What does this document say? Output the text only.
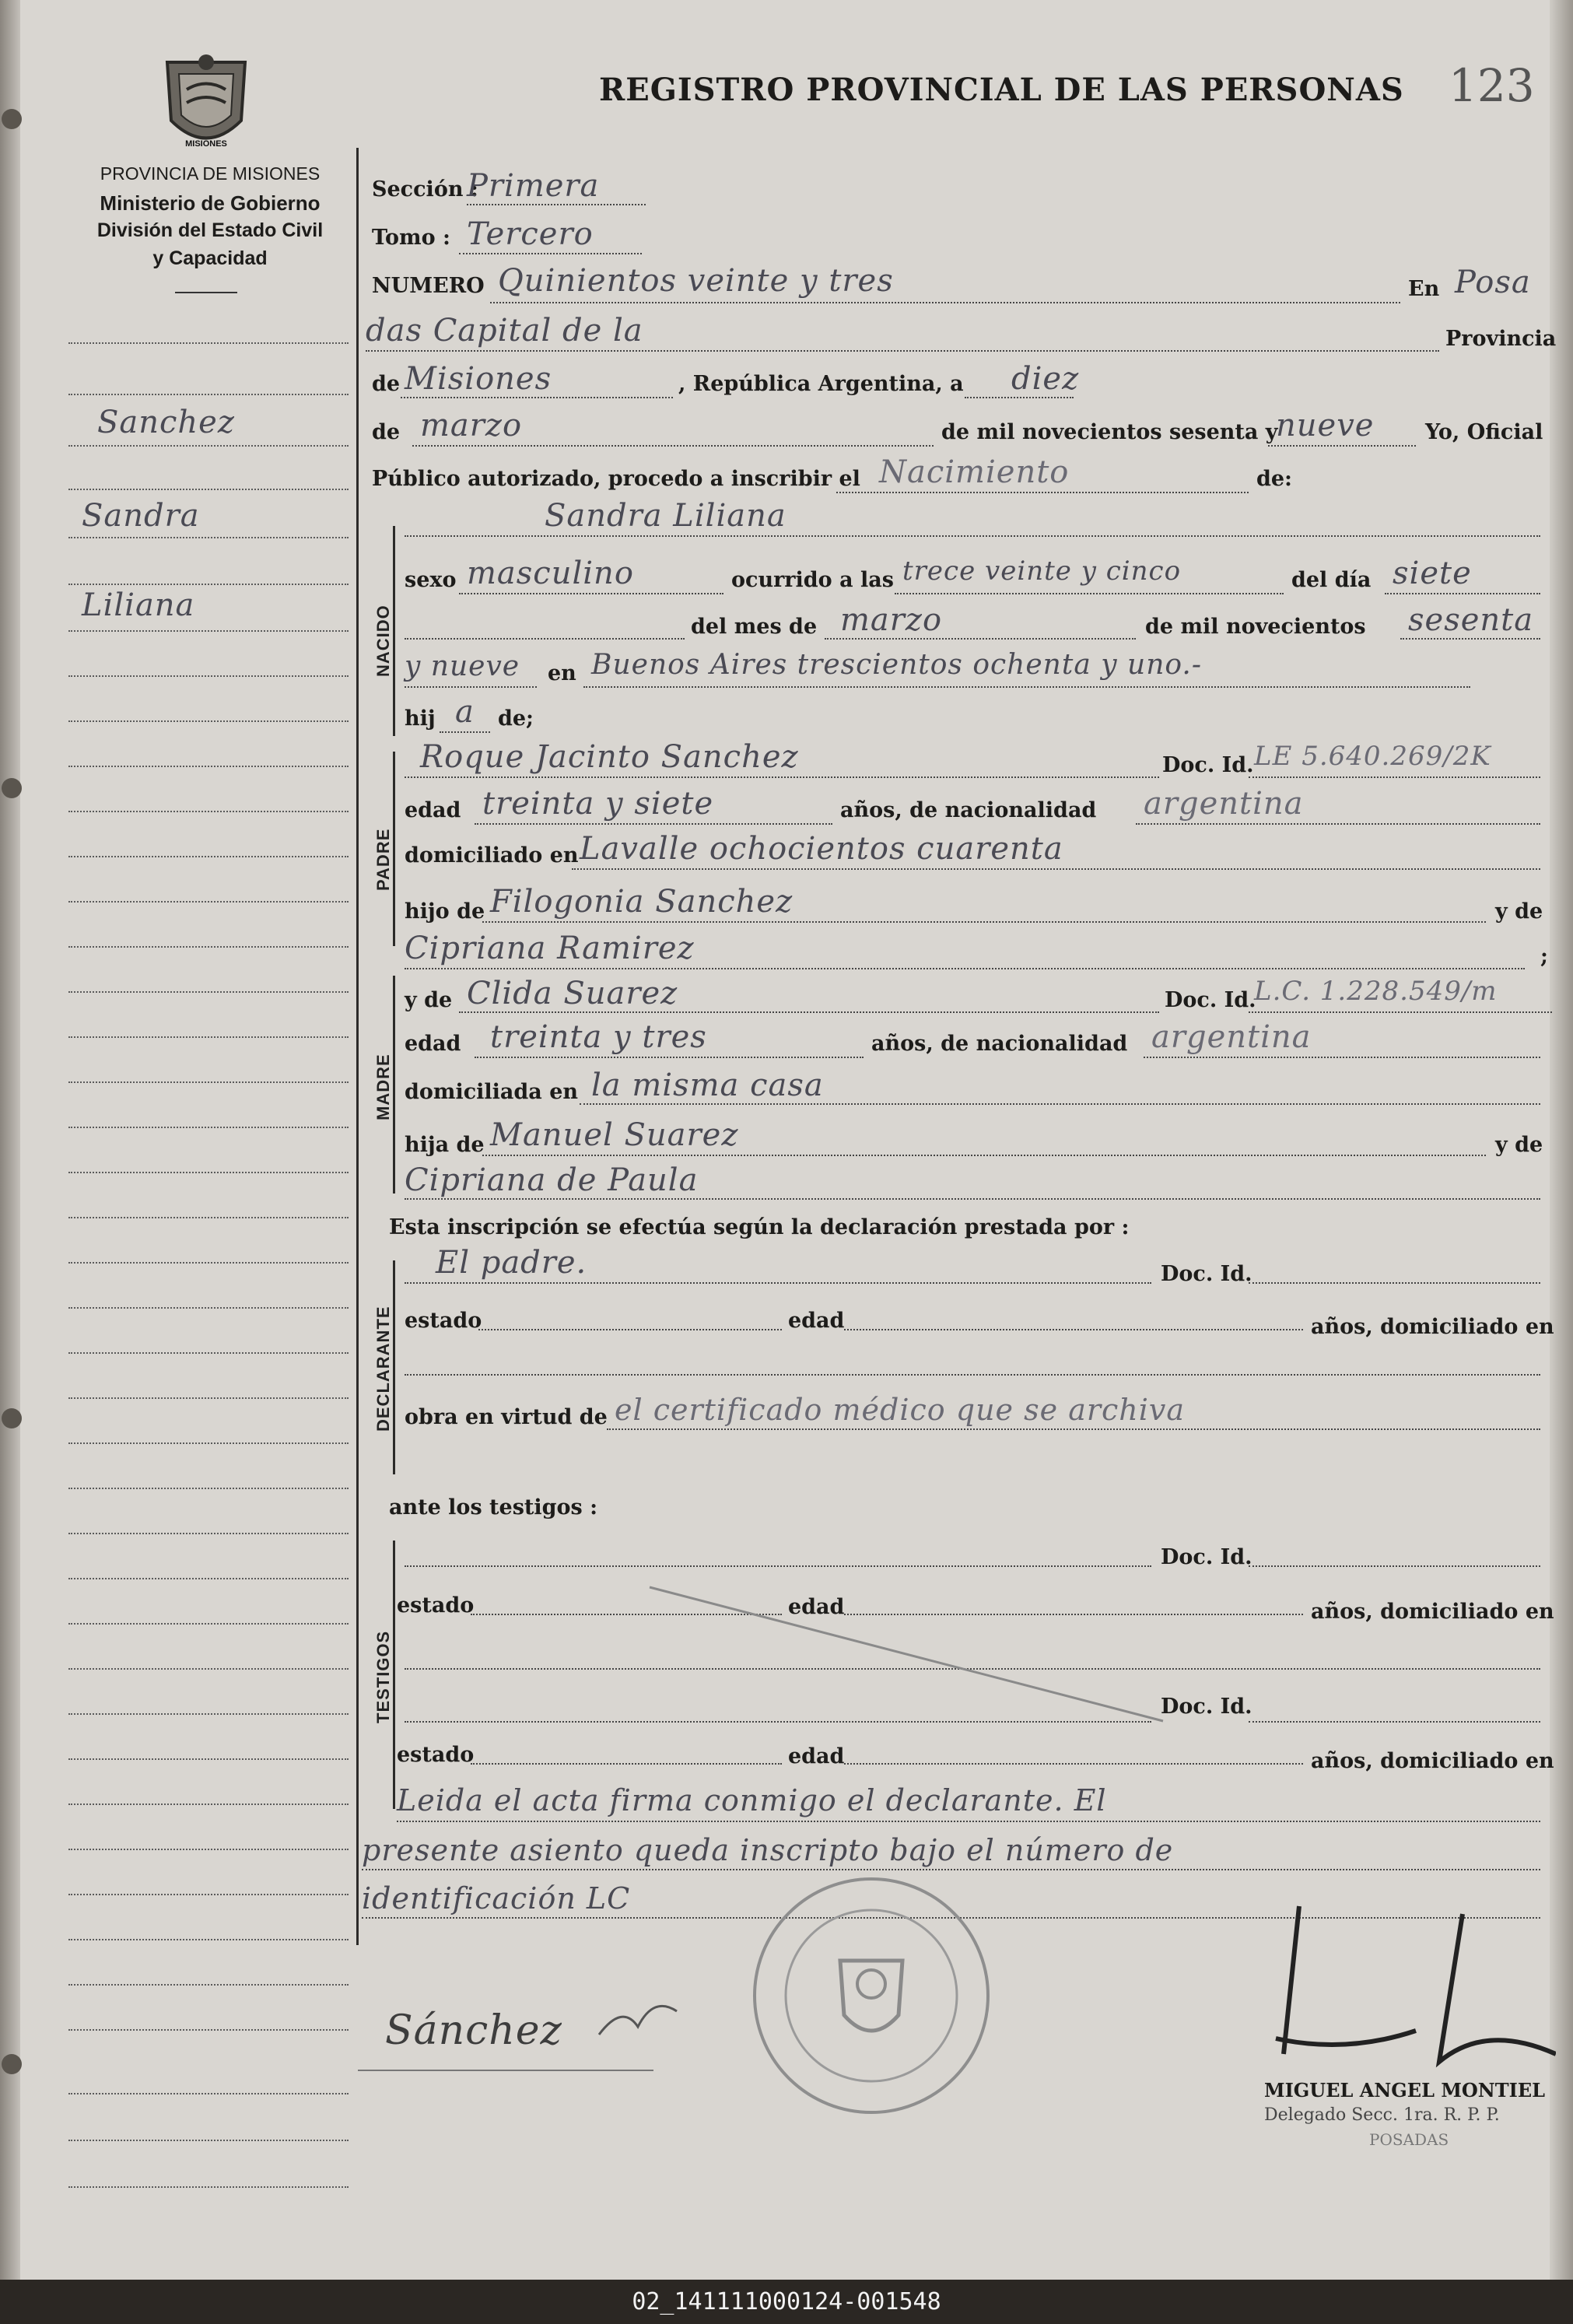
MISIONES
PROVINCIA DE MISIONES
Ministerio de Gobierno
División del Estado Civil
y Capacidad
REGISTRO PROVINCIAL DE LAS PERSONAS 123
Sanchez
Sandra
Liliana
Sección :
Primera
Tomo : Tercero
NUMERO Quinientos veinte y tres	En Posa
das Capital de la	Provincia
de Misiones	, República Argentina, a diez
de marzo	de mil novecientos sesenta y
nueve Yo, Oficial
Público autorizado, procedo a inscribir el Nacimiento	de:
NACIDO
Sandra Liliana
sexo masculino	ocurrido a las trece veinte y cinco	del día siete
del mes de marzo	de mil novecientos sesenta
y nueve en Buenos Aires trescientos ochenta y uno.-
hij a de;
PADRE
Roque Jacinto Sanchez	Doc. Id. LE 5.640.269/2K
edad treinta y siete	años, de nacionalidad argentina
domiciliado en Lavalle ochocientos cuarenta
hijo de Filogonia Sanchez	y de
Cipriana Ramirez	;
MADRE
y de Clida Suarez	Doc. Id.
L.C. 1.228.549/m
edad treinta y tres	años, de nacionalidad argentina
domiciliada en la misma casa
hija de Manuel Suarez	y de
Cipriana de Paula
Esta inscripción se efectúa según la declaración prestada por :
DECLARANTE
El padre.	Doc. Id.
estado	edad	años, domiciliado en
obra en virtud de el certificado médico que se archiva
ante los testigos :
TESTIGOS
Doc. Id.
estado	edad	años, domiciliado en
Doc. Id.
estado	edad	años, domiciliado en
Leida el acta firma conmigo el declarante. El
presente asiento queda inscripto bajo el número de
identificación LC
Sánchez
MIGUEL ANGEL MONTIEL
Delegado Secc. 1ra. R. P. P.
POSADAS
02_141111000124-001548
